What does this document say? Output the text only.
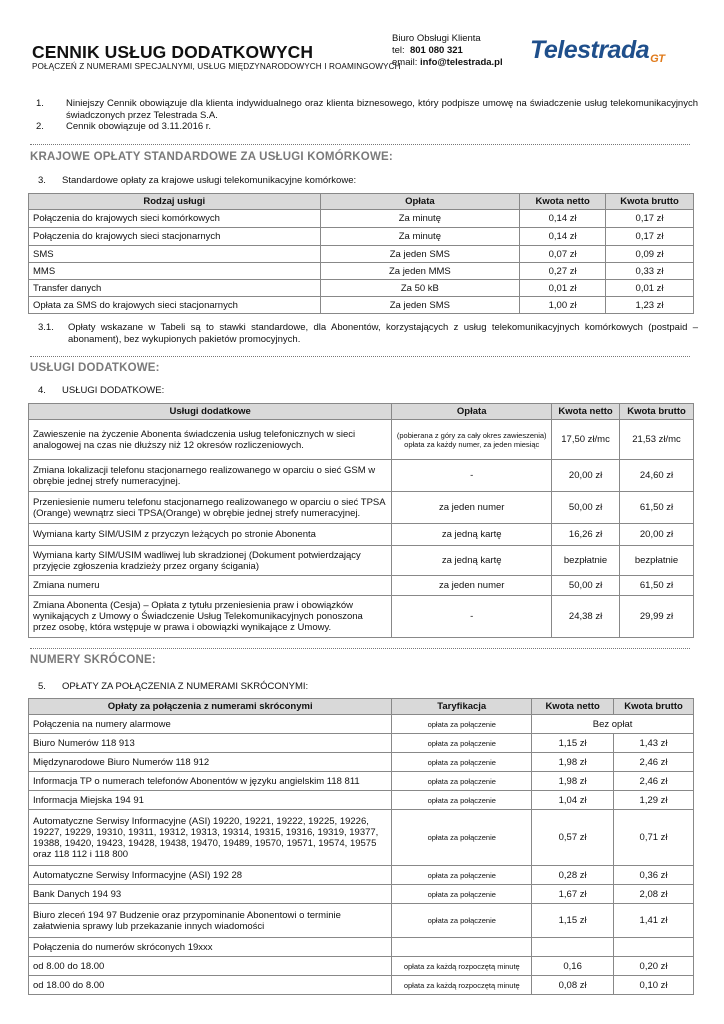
CENNIK USŁUG DODATKOWYCH
POŁĄCZEŃ Z NUMERAMI SPECJALNYMI, USŁUG MIĘDZYNARODOWYCH I ROAMINGOWYCH
Biuro Obsługi Klienta
tel: 801 080 321
email: info@telestrada.pl TelestradaGT
1.	Niniejszy Cennik obowiązuje dla klienta indywidualnego oraz klienta biznesowego, który podpisze umowę na świadczenie usług telekomunikacyjnych świadczonych przez Telestrada S.A.
2.	Cennik obowiązuje od 3.11.2016 r.
KRAJOWE OPŁATY STANDARDOWE ZA USŁUGI KOMÓRKOWE:
3. Standardowe opłaty za krajowe usługi telekomunikacyjne komórkowe:
Rodzaj usługi	Opłata	Kwota netto	Kwota brutto
Połączenia do krajowych sieci komórkowych	Za minutę	0,14 zł	0,17 zł
Połączenia do krajowych sieci stacjonarnych	Za minutę	0,14 zł	0,17 zł
SMS	Za jeden SMS	0,07 zł	0,09 zł
MMS	Za jeden MMS	0,27 zł	0,33 zł
Transfer danych	Za 50 kB	0,01 zł	0,01 zł
Opłata za SMS do krajowych sieci stacjonarnych	Za jeden SMS	1,00 zł	1,23 zł
3.1.	Opłaty wskazane w Tabeli są to stawki standardowe, dla Abonentów, korzystających z usług telekomunikacyjnych komórkowych (postpaid – abonament), bez wykupionych pakietów promocyjnych.
USŁUGI DODATKOWE:
4. USŁUGI DODATKOWE:
Usługi dodatkowe	Opłata	Kwota netto	Kwota brutto
Zawieszenie na życzenie Abonenta świadczenia usług telefonicznych w sieci analogowej na czas nie dłuższy niż 12 okresów rozliczeniowych.	(pobierana z góry za cały okres zawieszenia) opłata za każdy numer, za jeden miesiąc	17,50 zł/mc	21,53 zł/mc
Zmiana lokalizacji telefonu stacjonarnego realizowanego w oparciu o sieć GSM w obrębie jednej strefy numeracyjnej.	-	20,00 zł	24,60 zł
Przeniesienie numeru telefonu stacjonarnego realizowanego w oparciu o sieć TPSA (Orange) wewnątrz sieci TPSA(Orange) w obrębie jednej strefy numeracyjnej.	za jeden numer	50,00 zł	61,50 zł
Wymiana karty SIM/USIM z przyczyn leżących po stronie Abonenta	za jedną kartę	16,26 zł	20,00 zł
Wymiana karty SIM/USIM wadliwej lub skradzionej (Dokument potwierdzający przyjęcie zgłoszenia kradzieży przez organy ścigania)	za jedną kartę	bezpłatnie	bezpłatnie
Zmiana numeru	za jeden numer	50,00 zł	61,50 zł
Zmiana Abonenta (Cesja) – Opłata z tytułu przeniesienia praw i obowiązków wynikających z Umowy o Świadczenie Usług Telekomunikacyjnych ponoszona przez osobę, która wstępuje w prawa i obowiązki wynikające z Umowy.	-	24,38 zł	29,99 zł
NUMERY SKRÓCONE:
5. OPŁATY ZA POŁĄCZENIA Z NUMERAMI SKRÓCONYMI:
Opłaty za połączenia z numerami skróconymi	Taryfikacja	Kwota netto	Kwota brutto
Połączenia na numery alarmowe	opłata za połączenie	Bez opłat	
Biuro Numerów 118 913	opłata za połączenie	1,15 zł	1,43 zł
Międzynarodowe Biuro Numerów 118 912	opłata za połączenie	1,98 zł	2,46 zł
Informacja TP o numerach telefonów Abonentów w języku angielskim 118 811	opłata za połączenie	1,98 zł	2,46 zł
Informacja Miejska 194 91	opłata za połączenie	1,04 zł	1,29 zł
Automatyczne Serwisy Informacyjne (ASI) 19220, 19221, 19222, 19225, 19226, 19227, 19229, 19310, 19311, 19312, 19313, 19314, 19315, 19316, 19319, 19377, 19388, 19420, 19423, 19428, 19438, 19470, 19489, 19570, 19571, 19574, 19575 oraz 118 112 i 118 800	opłata za połączenie	0,57 zł	0,71 zł
Automatyczne Serwisy Informacyjne (ASI) 192 28	opłata za połączenie	0,28 zł	0,36 zł
Bank Danych 194 93	opłata za połączenie	1,67 zł	2,08 zł
Biuro zleceń 194 97 Budzenie oraz przypominanie Abonentowi o terminie załatwienia sprawy lub przekazanie innych wiadomości	opłata za połączenie	1,15 zł	1,41 zł
Połączenia do numerów skróconych 19xxx			
od 8.00 do 18.00	opłata za każdą rozpoczętą minutę	0,16	0,20 zł
od 18.00 do 8.00	opłata za każdą rozpoczętą minutę	0,08 zł	0,10 zł
